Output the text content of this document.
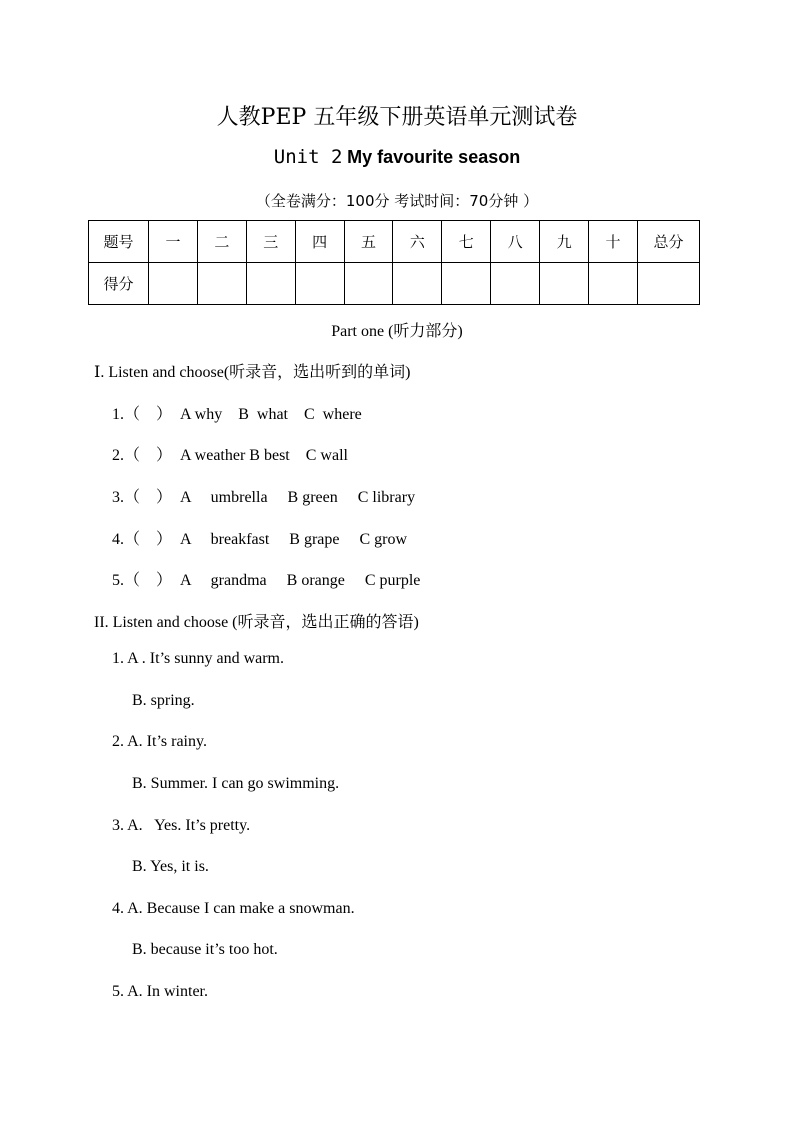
人教PEP 五年级下册英语单元测试卷
Unit 2 My favourite season
（全卷满分：100分 考试时间：70分钟 ）
题号	一	二	三	四	五	六	七	八	九	十	总分
得分											
Part one (听力部分)
Ⅰ. Listen and choose(听录音，选出听到的单词)
1.（    ）  A why    B  what    C  where
2.（    ）  A weather B best    C wall
3.（    ）  A     umbrella     B green     C library
4.（    ）  A     breakfast     B grape     C grow
5.（    ）  A     grandma     B orange     C purple
II. Listen and choose (听录音，选出正确的答语)
1. A . It’s sunny and warm.
B. spring.
2. A. It’s rainy.
B. Summer. I can go swimming.
3. A.   Yes. It’s pretty.
B. Yes, it is.
4. A. Because I can make a snowman.
B. because it’s too hot.
5. A. In winter.
